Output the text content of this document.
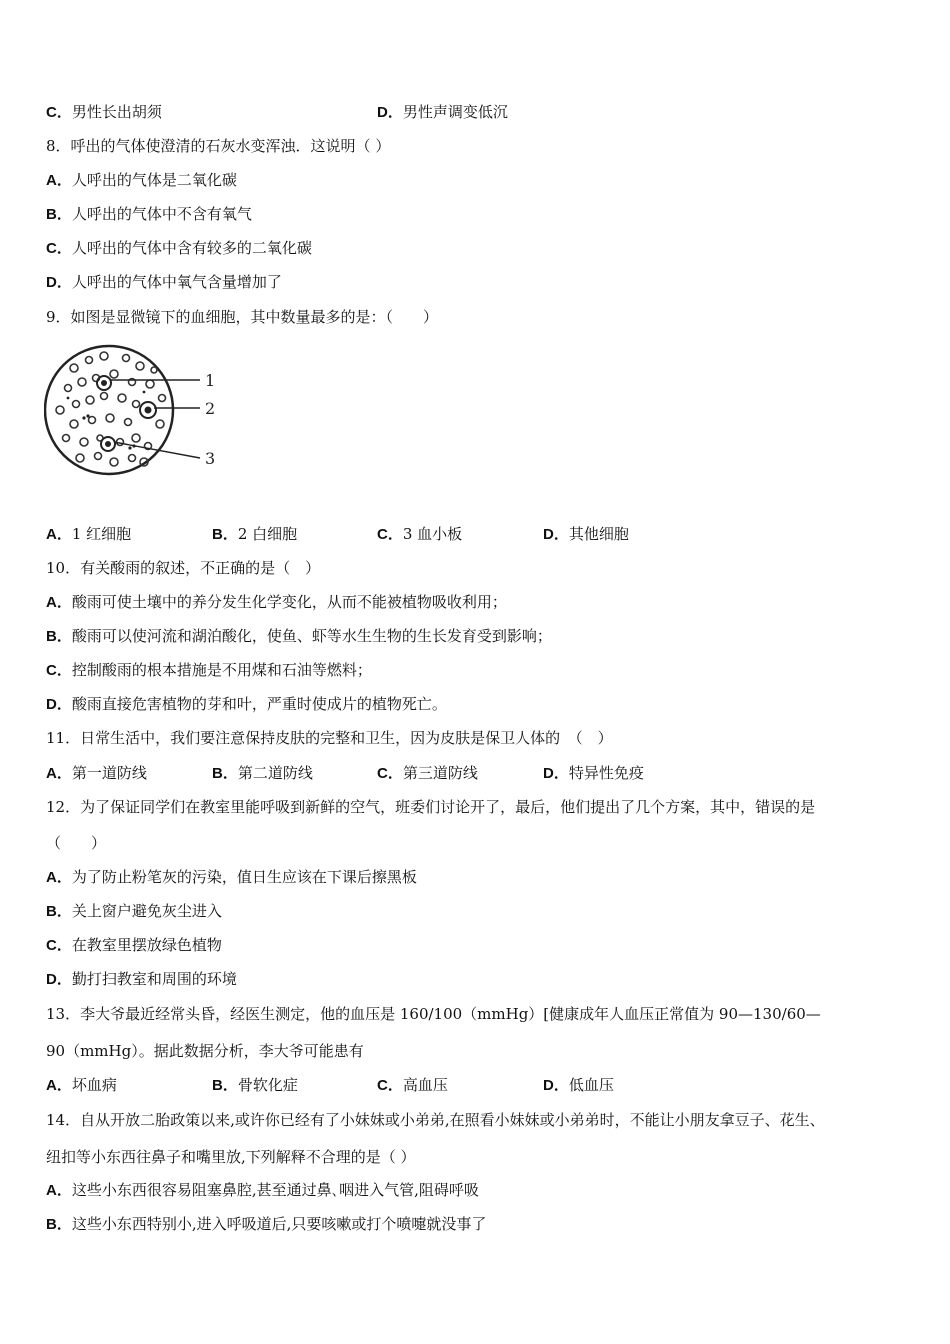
C．男性长出胡须	D．男性声调变低沉
8．呼出的气体使澄清的石灰水变浑浊．这说明（ ）
A．人呼出的气体是二氧化碳
B．人呼出的气体中不含有氧气
C．人呼出的气体中含有较多的二氧化碳
D．人呼出的气体中氧气含量增加了
9．如图是显微镜下的血细胞，其中数量最多的是：（　　）
1
2
3
A．1 红细胞	B．2 白细胞	C．3 血小板	D．其他细胞
10．有关酸雨的叙述，不正确的是（　）
A．酸雨可使土壤中的养分发生化学变化，从而不能被植物吸收利用；
B．酸雨可以使河流和湖泊酸化，使鱼、虾等水生生物的生长发育受到影响；
C．控制酸雨的根本措施是不用煤和石油等燃料；
D．酸雨直接危害植物的芽和叶，严重时使成片的植物死亡。
11．日常生活中，我们要注意保持皮肤的完整和卫生，因为皮肤是保卫人体的　（　）
A．第一道防线	B．第二道防线	C．第三道防线	D．特异性免疫
12．为了保证同学们在教室里能呼吸到新鲜的空气，班委们讨论开了，最后，他们提出了几个方案，其中，错误的是
（　　）
A．为了防止粉笔灰的污染，值日生应该在下课后擦黑板
B．关上窗户避免灰尘进入
C．在教室里摆放绿色植物
D．勤打扫教室和周围的环境
13．李大爷最近经常头昏，经医生测定，他的血压是 160/100（mmHg）[健康成年人血压正常值为 90—130/60—
90（mmHg）。据此数据分析，李大爷可能患有
A．坏血病	B．骨软化症	C．高血压	D．低血压
14．自从开放二胎政策以来,或许你已经有了小妹妹或小弟弟,在照看小妹妹或小弟弟时，不能让小朋友拿豆子、花生、
纽扣等小东西往鼻子和嘴里放,下列解释不合理的是（ ）
A．这些小东西很容易阻塞鼻腔,甚至通过鼻､咽进入气管,阻碍呼吸
B．这些小东西特别小,进入呼吸道后,只要咳嗽或打个喷嚏就没事了
